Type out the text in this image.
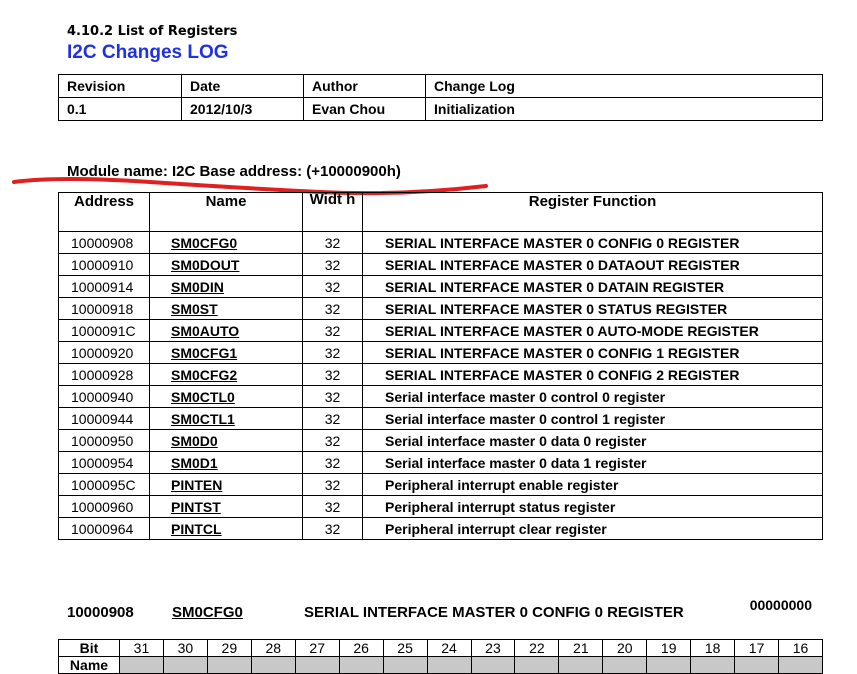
4.10.2 List of Registers
I2C Changes LOG
Revision	Date	Author	Change Log
0.1	2012/10/3	Evan Chou	Initialization
Module name: I2C Base address: (+10000900h)
Address	Name	Widt h	Register Function
10000908	SM0CFG0	32	SERIAL INTERFACE MASTER 0 CONFIG 0 REGISTER
10000910	SM0DOUT	32	SERIAL INTERFACE MASTER 0 DATAOUT REGISTER
10000914	SM0DIN	32	SERIAL INTERFACE MASTER 0 DATAIN REGISTER
10000918	SM0ST	32	SERIAL INTERFACE MASTER 0 STATUS REGISTER
1000091C	SM0AUTO	32	SERIAL INTERFACE MASTER 0 AUTO-MODE REGISTER
10000920	SM0CFG1	32	SERIAL INTERFACE MASTER 0 CONFIG 1 REGISTER
10000928	SM0CFG2	32	SERIAL INTERFACE MASTER 0 CONFIG 2 REGISTER
10000940	SM0CTL0	32	Serial interface master 0 control 0 register
10000944	SM0CTL1	32	Serial interface master 0 control 1 register
10000950	SM0D0	32	Serial interface master 0 data 0 register
10000954	SM0D1	32	Serial interface master 0 data 1 register
1000095C	PINTEN	32	Peripheral interrupt enable register
10000960	PINTST	32	Peripheral interrupt status register
10000964	PINTCL	32	Peripheral interrupt clear register
10000908	SM0CFG0	SERIAL INTERFACE MASTER 0 CONFIG 0 REGISTER	00000000
Bit	31	30	29	28	27	26	25	24	23	22	21	20	19	18	17	16
Name																
